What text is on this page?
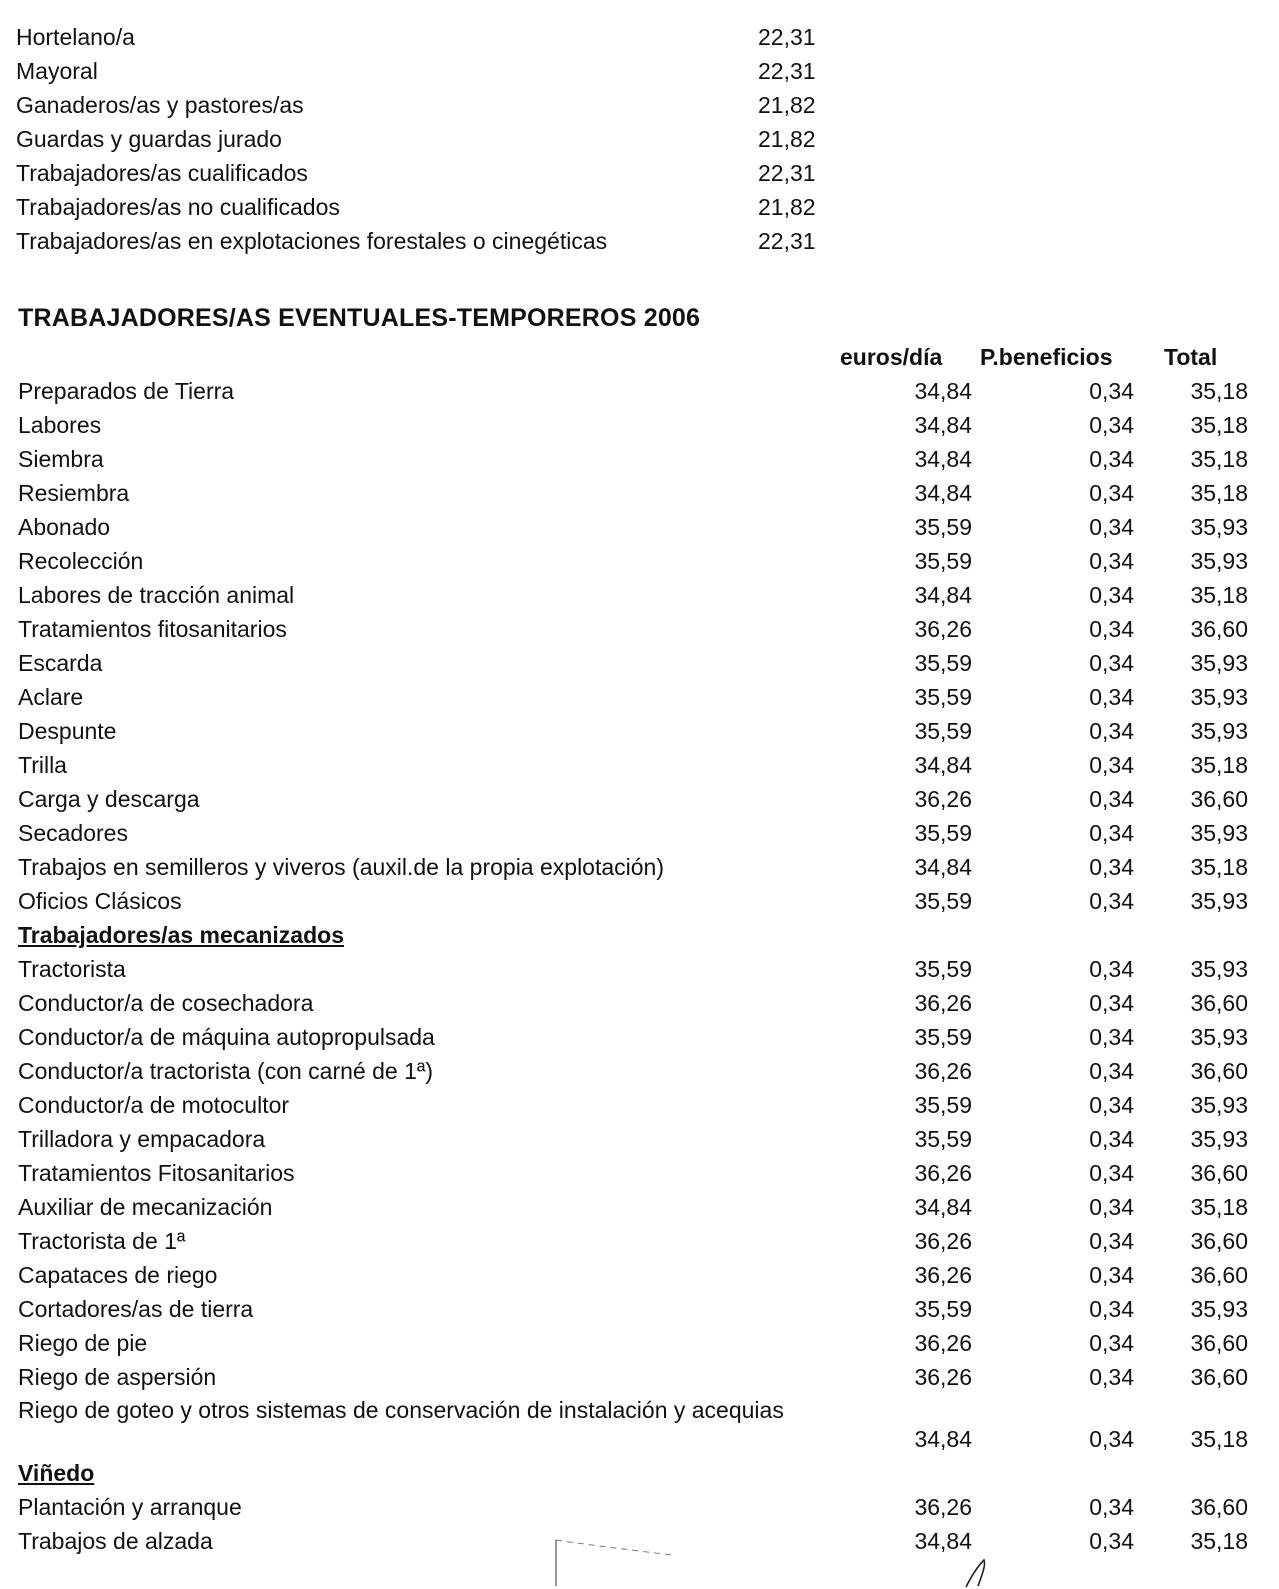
Hortelano/a	22,31
Mayoral	22,31
Ganaderos/as y pastores/as	21,82
Guardas y guardas jurado	21,82
Trabajadores/as cualificados	22,31
Trabajadores/as no cualificados	21,82
Trabajadores/as en explotaciones forestales o cinegéticas	22,31
TRABAJADORES/AS EVENTUALES-TEMPOREROS 2006
euros/día P.beneficios Total
Preparados de Tierra	34,84	0,34 35,18
Labores	34,84	0,34 35,18
Siembra	34,84	0,34 35,18
Resiembra	34,84	0,34 35,18
Abonado	35,59	0,34 35,93
Recolección	35,59	0,34 35,93
Labores de tracción animal	34,84	0,34 35,18
Tratamientos fitosanitarios	36,26	0,34 36,60
Escarda	35,59	0,34 35,93
Aclare	35,59	0,34 35,93
Despunte	35,59	0,34 35,93
Trilla	34,84	0,34 35,18
Carga y descarga	36,26	0,34 36,60
Secadores	35,59	0,34 35,93
Trabajos en semilleros y viveros (auxil.de la propia explotación)	34,84	0,34 35,18
Oficios Clásicos	35,59	0,34 35,93
Trabajadores/as mecanizados
Tractorista	35,59	0,34 35,93
Conductor/a de cosechadora	36,26	0,34 36,60
Conductor/a de máquina autopropulsada	35,59	0,34 35,93
Conductor/a tractorista (con carné de 1ª)	36,26	0,34 36,60
Conductor/a de motocultor	35,59	0,34 35,93
Trilladora y empacadora	35,59	0,34 35,93
Tratamientos Fitosanitarios	36,26	0,34 36,60
Auxiliar de mecanización	34,84	0,34 35,18
Tractorista de 1ª	36,26	0,34 36,60
Capataces de riego	36,26	0,34 36,60
Cortadores/as de tierra	35,59	0,34 35,93
Riego de pie	36,26	0,34 36,60
Riego de aspersión	36,26	0,34 36,60
Riego de goteo y otros sistemas de conservación de instalación y acequias
34,84	0,34 35,18
Viñedo
Plantación y arranque	36,26	0,34 36,60
Trabajos de alzada	34,84	0,34 35,18
